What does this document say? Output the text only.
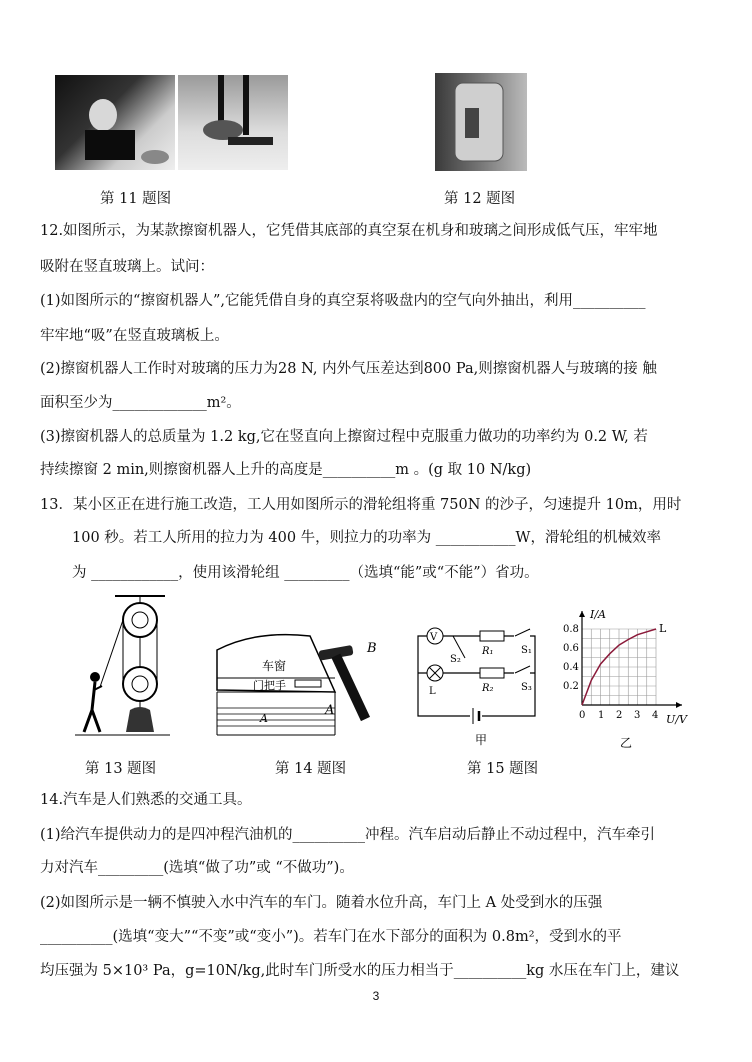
第 11 题图	第 12 题图
12.如图所示，为某款擦窗机器人，它凭借其底部的真空泵在机身和玻璃之间形成低气压，牢牢地
吸附在竖直玻璃上。试问：
(1)如图所示的“擦窗机器人”,它能凭借自身的真空泵将吸盘内的空气向外抽出，利用__________
牢牢地“吸”在竖直玻璃板上。
(2)擦窗机器人工作时对玻璃的压力为28 N, 内外气压差达到800 Pa,则擦窗机器人与玻璃的接 触
面积至少为_____________m²。
(3)擦窗机器人的总质量为 1.2 kg,它在竖直向上擦窗过程中克服重力做功的功率约为 0.2 W, 若
持续擦窗 2 min,则擦窗机器人上升的高度是__________m 。(g 取 10 N/kg)
13．某小区正在进行施工改造，工人用如图所示的滑轮组将重 750N 的沙子，匀速提升 10m，用时
100 秒。若工人所用的拉力为 400 牛，则拉力的功率为 ___________W，滑轮组的机械效率
为 ____________，使用该滑轮组 _________（选填“能”或“不能”）省功。
车窗
门把手
A
B
A
V
R₁	S₁
L
S₂
R₂	S₃
甲
I/A
U/V
L
0.8
0.6
0.4
0.2
0 1 2 3 4
乙
第 13 题图	第 14 题图	第 15 题图
14.汽车是人们熟悉的交通工具。
(1)给汽车提供动力的是四冲程汽油机的__________冲程。汽车启动后静止不动过程中，汽车牵引
力对汽车_________(选填“做了功”或 “不做功”)。
(2)如图所示是一辆不慎驶入水中汽车的车门。随着水位升高，车门上 A 处受到水的压强
__________(选填“变大”“不变”或“变小”)。若车门在水下部分的面积为 0.8m²，受到水的平
均压强为 5×10³ Pa，g=10N/kg,此时车门所受水的压力相当于__________kg 水压在车门上，建议
3
